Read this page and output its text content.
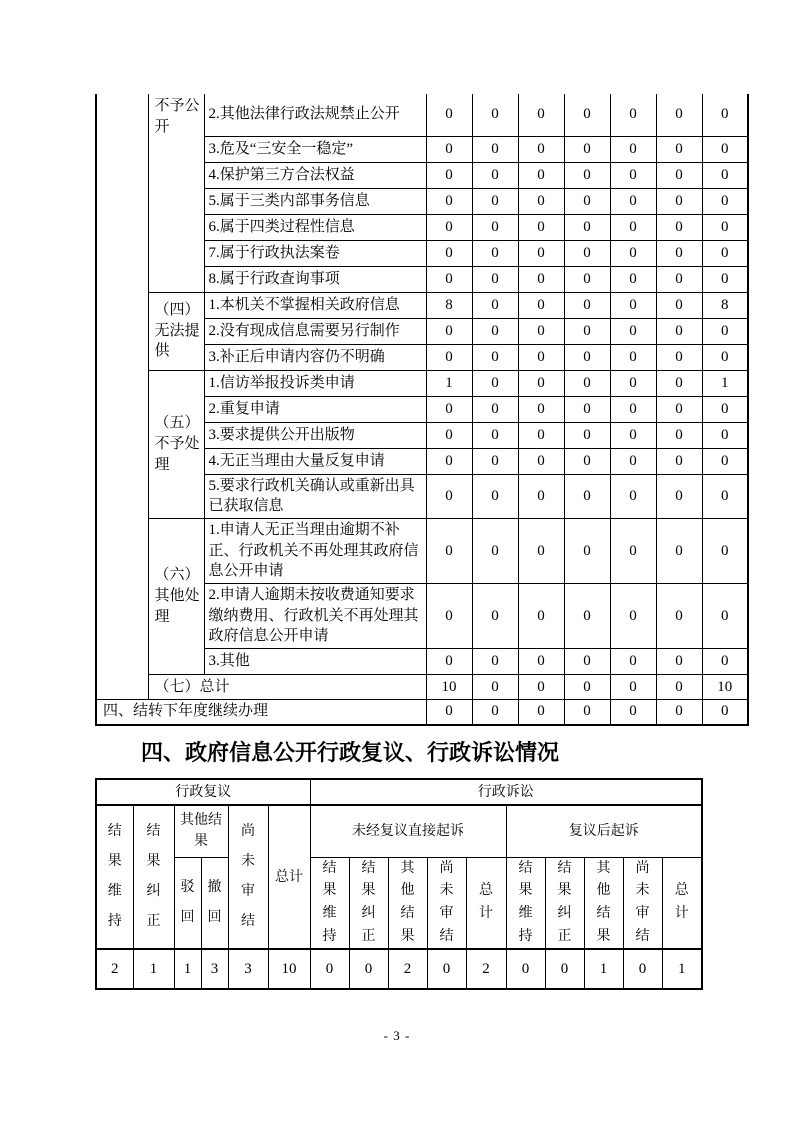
	不予公开	2.其他法律行政法规禁止公开	0	0	0	0	0	0	0
		3.危及“三安全一稳定”	0	0	0	0	0	0	0
		4.保护第三方合法权益	0	0	0	0	0	0	0
		5.属于三类内部事务信息	0	0	0	0	0	0	0
		6.属于四类过程性信息	0	0	0	0	0	0	0
		7.属于行政执法案卷	0	0	0	0	0	0	0
		8.属于行政查询事项	0	0	0	0	0	0	0
	（四）无法提供	1.本机关不掌握相关政府信息	8	0	0	0	0	0	8
		2.没有现成信息需要另行制作	0	0	0	0	0	0	0
		3.补正后申请内容仍不明确	0	0	0	0	0	0	0
	（五）不予处理	1.信访举报投诉类申请	1	0	0	0	0	0	1
		2.重复申请	0	0	0	0	0	0	0
		3.要求提供公开出版物	0	0	0	0	0	0	0
		4.无正当理由大量反复申请	0	0	0	0	0	0	0
		5.要求行政机关确认或重新出具已获取信息	0	0	0	0	0	0	0
	（六）其他处理	1.申请人无正当理由逾期不补正、行政机关不再处理其政府信息公开申请	0	0	0	0	0	0	0
		2.申请人逾期未按收费通知要求缴纳费用、行政机关不再处理其政府信息公开申请	0	0	0	0	0	0	0
		3.其他	0	0	0	0	0	0	0
	（七）总计		10	0	0	0	0	0	10
四、结转下年度继续办理			0	0	0	0	0	0	0
四、政府信息公开行政复议、行政诉讼情况
行政复议						行政诉讼									

结果维持	结果纠正	其他结果		尚未审结	总计	未经复议直接起诉					复议后起诉				

		驳回	撤回			结果维持	结果纠正	其他结果	尚未审结	总计	结果维持	结果纠正	其他结果	尚未审结	总计

2	1	1	3	3	10	0	0	2	0	2	0	0	1	0	1
- 3 -
